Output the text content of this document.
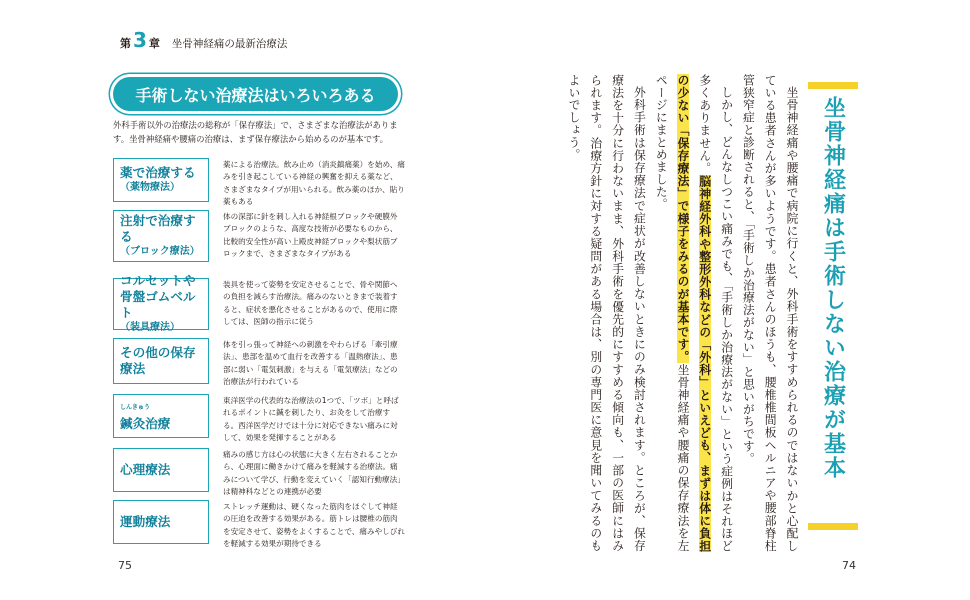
第 3 章 坐骨神経痛の最新治療法
手術しない治療法はいろいろある
外科手術以外の治療法の総称が「保存療法」で、さまざまな治療法があります。坐骨神経痛や腰痛の治療は、まず保存療法から始めるのが基本です。
薬で治療する
（薬物療法）
薬による治療法。飲み止め（消炎鎮痛薬）を始め、痛みを引き起こしている神経の興奮を抑える薬など、さまざまなタイプが用いられる。飲み薬のほか、貼り薬もある
注射で治療する
（ブロック療法）
体の深部に針を刺し入れる神経根ブロックや硬膜外ブロックのような、高度な技術が必要なものから、比較的安全性が高い上殿皮神経ブロックや梨状筋ブロックまで、さまざまなタイプがある
コルセットや骨盤ゴムベルト
（装具療法）
装具を使って姿勢を安定させることで、骨や関節への負担を減らす治療法。痛みのないときまで装着すると、症状を悪化させることがあるので、使用に際しては、医師の指示に従う
その他の保存療法
体を引っ張って神経への刺激をやわらげる「牽引療法」、患部を温めて血行を改善する「温熱療法」、患部に弱い「電気刺激」を与える「電気療法」などの治療法が行われている
しんきゅう
鍼灸治療
東洋医学の代表的な治療法の1つで、「ツボ」と呼ばれるポイントに鍼を刺したり、お灸をして治療する。西洋医学だけでは十分に対応できない痛みに対して、効果を発揮することがある
心理療法
痛みの感じ方は心の状態に大きく左右されることから、心理面に働きかけて痛みを軽減する治療法。痛みについて学び、行動を変えていく「認知行動療法」は精神科などとの連携が必要
運動療法
ストレッチ運動は、硬くなった筋肉をほぐして神経の圧迫を改善する効果がある。筋トレは腰椎の筋肉を安定させて、姿勢をよくすることで、痛みやしびれを軽減する効果が期待できる
75
坐骨神経痛は手術しない治療が基本

坐骨神経痛や腰痛で病院に行くと、外科手術をすすめられるのではないかと心配している患者さんが多いようです。患者さんのほうも、腰椎椎間板ヘルニアや腰部脊柱管狭窄症と診断されると、「手術しか治療法がない」と思いがちです。

しかし、どんなしつこい痛みでも、「手術しか治療法がない」という症例はそれほど多くありません。脳神経外科や整形外科などの「外科」といえども、まずは体に負担の少ない「保存療法」で様子をみるのが基本です。坐骨神経痛や腰痛の保存療法を左ページにまとめました。

外科手術は保存療法で症状が改善しないときにのみ検討されます。ところが、保存療法を十分に行わないまま、外科手術を優先的にすすめる傾向も、一部の医師にはみられます。治療方針に対する疑問がある場合は、別の専門医に意見を聞いてみるのもよいでしょう。

74
